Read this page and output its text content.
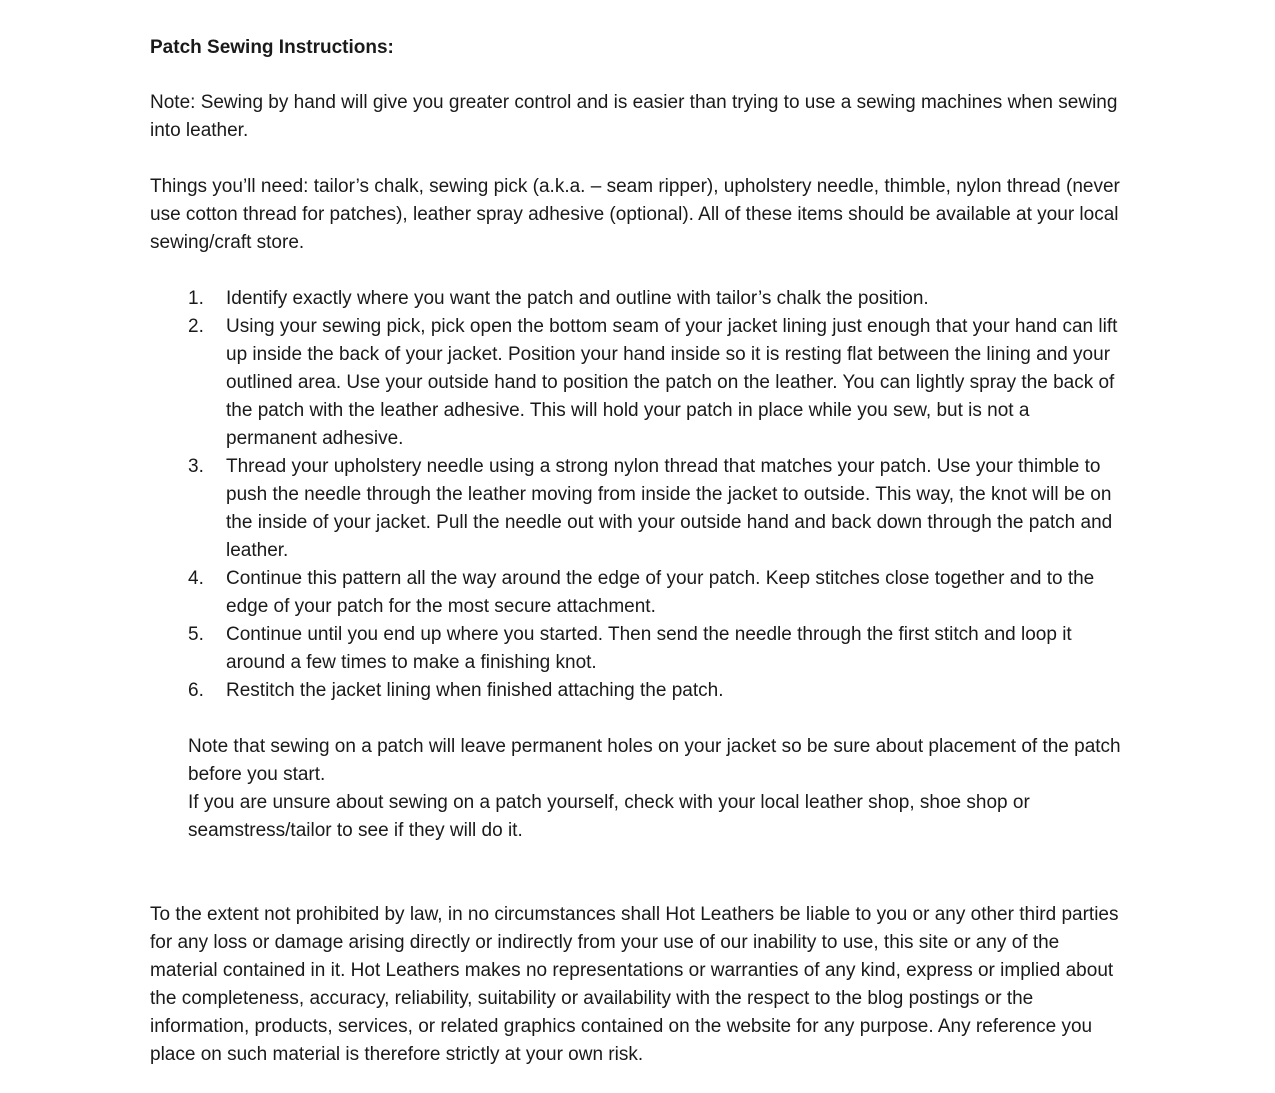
Patch Sewing Instructions:

Note: Sewing by hand will give you greater control and is easier than trying to use a sewing machines when sewing into leather.

Things you’ll need: tailor’s chalk, sewing pick (a.k.a. – seam ripper), upholstery needle, thimble, nylon thread (never use cotton thread for patches), leather spray adhesive (optional). All of these items should be available at your local sewing/craft store.

1.	Identify exactly where you want the patch and outline with tailor’s chalk the position.
2.	Using your sewing pick, pick open the bottom seam of your jacket lining just enough that your hand can lift up inside the back of your jacket. Position your hand inside so it is resting flat between the lining and your outlined area. Use your outside hand to position the patch on the leather. You can lightly spray the back of the patch with the leather adhesive. This will hold your patch in place while you sew, but is not a permanent adhesive.
3.	Thread your upholstery needle using a strong nylon thread that matches your patch. Use your thimble to push the needle through the leather moving from inside the jacket to outside. This way, the knot will be on the inside of your jacket. Pull the needle out with your outside hand and back down through the patch and leather.
4.	Continue this pattern all the way around the edge of your patch. Keep stitches close together and to the edge of your patch for the most secure attachment.
5.	Continue until you end up where you started. Then send the needle through the first stitch and loop it around a few times to make a finishing knot.
6.	Restitch the jacket lining when finished attaching the patch.

Note that sewing on a patch will leave permanent holes on your jacket so be sure about placement of the patch before you start.

If you are unsure about sewing on a patch yourself, check with your local leather shop, shoe shop or seamstress/tailor to see if they will do it.

To the extent not prohibited by law, in no circumstances shall Hot Leathers be liable to you or any other third parties for any loss or damage arising directly or indirectly from your use of our inability to use, this site or any of the material contained in it. Hot Leathers makes no representations or warranties of any kind, express or implied about the completeness, accuracy, reliability, suitability or availability with the respect to the blog postings or the information, products, services, or related graphics contained on the website for any purpose. Any reference you place on such material is therefore strictly at your own risk.
